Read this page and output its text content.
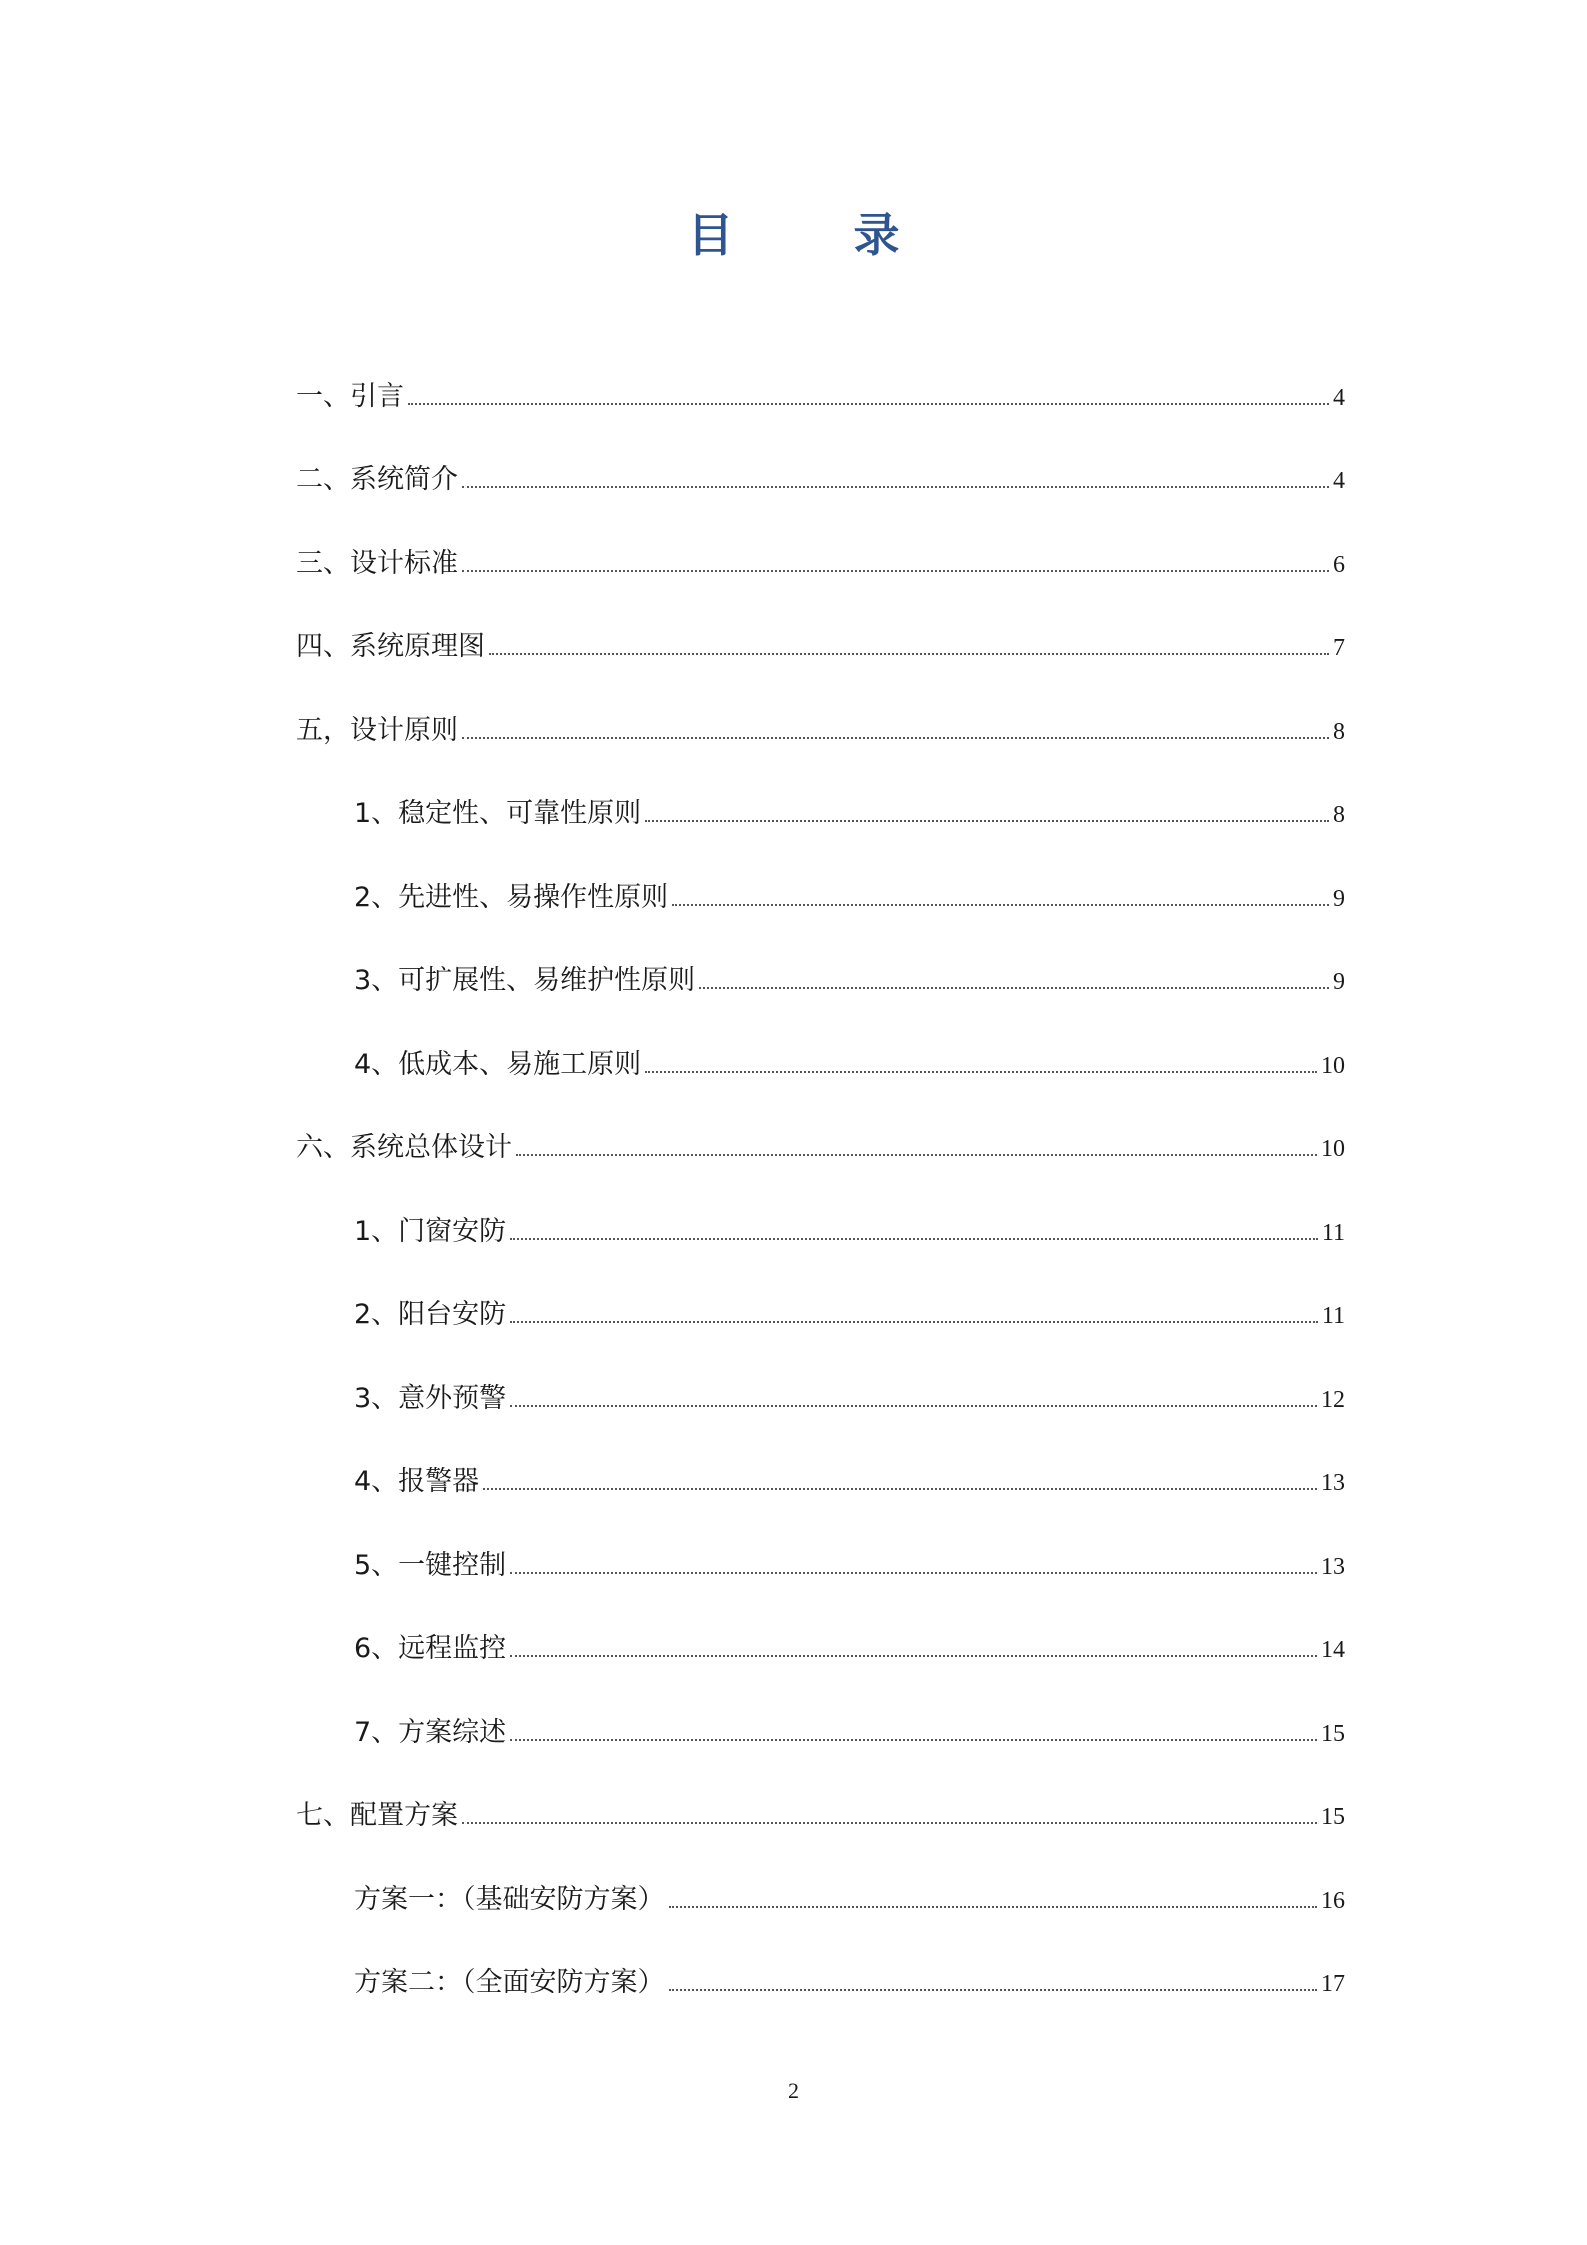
目 录
一、引言	4
二、系统简介	4
三、设计标准	6
四、系统原理图	7
五，设计原则	8
1、稳定性、可靠性原则	8
2、先进性、易操作性原则	9
3、可扩展性、易维护性原则	9
4、低成本、易施工原则	10
六、系统总体设计	10
1、门窗安防	11
2、阳台安防	11
3、意外预警	12
4、报警器	13
5、一键控制	13
6、远程监控	14
7、方案综述	15
七、配置方案	15
方案一：（基础安防方案）	16
方案二：（全面安防方案）	17
2
